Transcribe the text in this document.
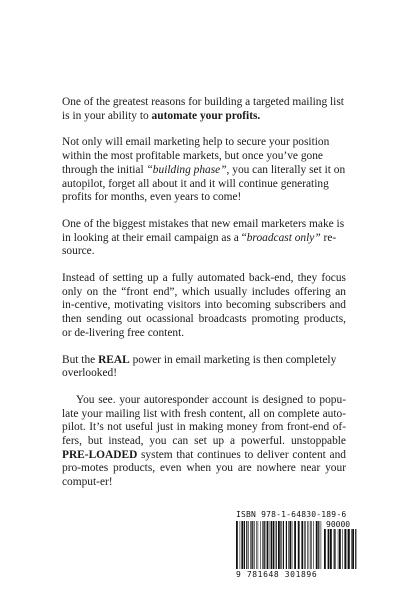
One of the greatest reasons for building a targeted mailing list is in your ability to automate your profits.

Not only will email marketing help to secure your position within the most profitable markets, but once you’ve gone through the initial “building phase”, you can literally set it on autopilot, forget all about it and it will continue generating profits for months, even years to come!

One of the biggest mistakes that new email marketers make is in looking at their email campaign as a “broadcast only” re-source.

Instead of setting up a fully automated back-end, they focus only on the “front end”, which usually includes offering an in-centive, motivating visitors into becoming subscribers and then sending out ocassional broadcasts promoting products, or de-livering free content.

But the REAL power in email marketing is then completely overlooked!

You see. your autoresponder account is designed to popu-late your mailing list with fresh content, all on complete auto-pilot. It’s not useful just in making money from front-end of-fers, but instead, you can set up a powerful. unstoppable PRE-LOADED system that continues to deliver content and pro-motes products, even when you are nowhere near your comput-er!

ISBN 978-1-64830-189-6
90000
9 781648 301896
